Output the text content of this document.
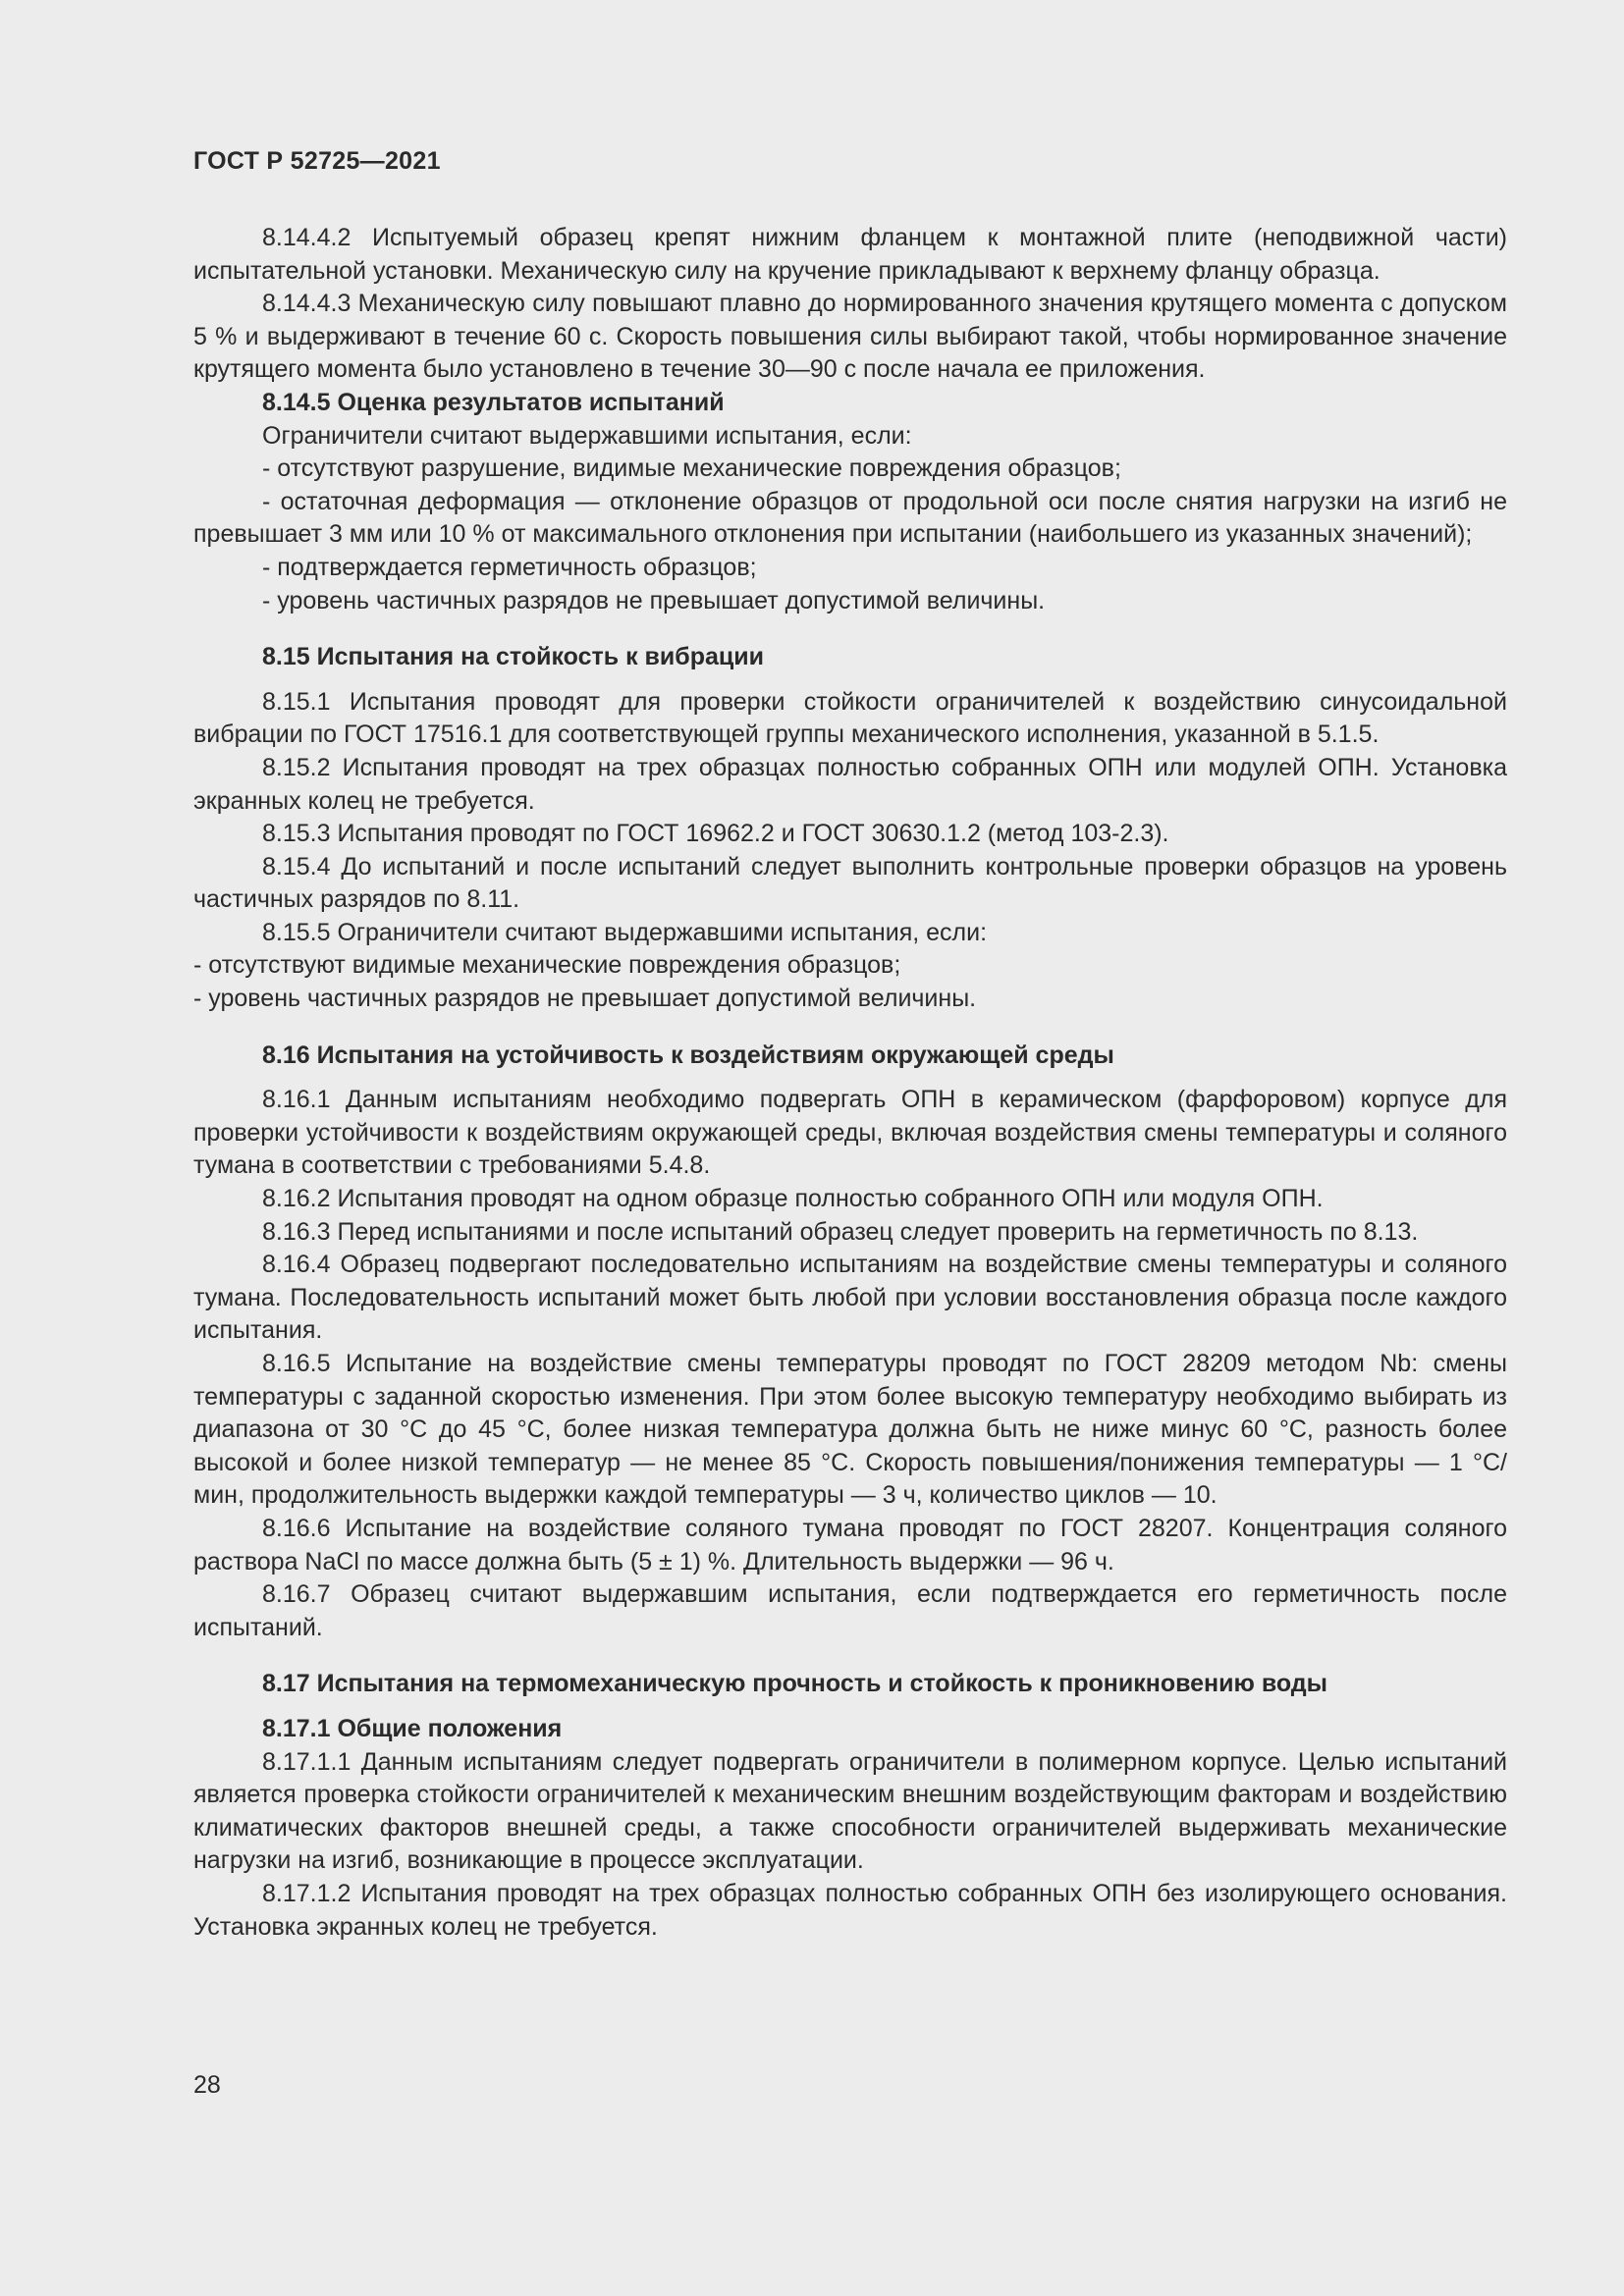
ГОСТ Р 52725—2021

8.14.4.2 Испытуемый образец крепят нижним фланцем к монтажной плите (неподвижной части) испытательной установки. Механическую силу на кручение прикладывают к верхнему фланцу образца.

8.14.4.3 Механическую силу повышают плавно до нормированного значения крутящего момента с допуском 5 % и выдерживают в течение 60 с. Скорость повышения силы выбирают такой, чтобы нормированное значение крутящего момента было установлено в течение 30—90 с после начала ее приложения.

8.14.5 Оценка результатов испытаний

Ограничители считают выдержавшими испытания, если:

- отсутствуют разрушение, видимые механические повреждения образцов;

- остаточная деформация — отклонение образцов от продольной оси после снятия нагрузки на изгиб не превышает 3 мм или 10 % от максимального отклонения при испытании (наибольшего из указанных значений);

- подтверждается герметичность образцов;

- уровень частичных разрядов не превышает допустимой величины.

8.15 Испытания на стойкость к вибрации

8.15.1 Испытания проводят для проверки стойкости ограничителей к воздействию синусоидальной вибрации по ГОСТ 17516.1 для соответствующей группы механического исполнения, указанной в 5.1.5.

8.15.2 Испытания проводят на трех образцах полностью собранных ОПН или модулей ОПН. Установка экранных колец не требуется.

8.15.3 Испытания проводят по ГОСТ 16962.2 и ГОСТ 30630.1.2 (метод 103-2.3).

8.15.4 До испытаний и после испытаний следует выполнить контрольные проверки образцов на уровень частичных разрядов по 8.11.

8.15.5 Ограничители считают выдержавшими испытания, если:

- отсутствуют видимые механические повреждения образцов;

- уровень частичных разрядов не превышает допустимой величины.

8.16 Испытания на устойчивость к воздействиям окружающей среды

8.16.1 Данным испытаниям необходимо подвергать ОПН в керамическом (фарфоровом) корпусе для проверки устойчивости к воздействиям окружающей среды, включая воздействия смены температуры и соляного тумана в соответствии с требованиями 5.4.8.

8.16.2 Испытания проводят на одном образце полностью собранного ОПН или модуля ОПН.

8.16.3 Перед испытаниями и после испытаний образец следует проверить на герметичность по 8.13.

8.16.4 Образец подвергают последовательно испытаниям на воздействие смены температуры и соляного тумана. Последовательность испытаний может быть любой при условии восстановления образца после каждого испытания.

8.16.5 Испытание на воздействие смены температуры проводят по ГОСТ 28209 методом Nb: смены температуры с заданной скоростью изменения. При этом более высокую температуру необходимо выбирать из диапазона от 30 °С до 45 °С, более низкая температура должна быть не ниже минус 60 °С, разность более высокой и более низкой температур — не менее 85 °С. Скорость повышения/понижения температуры — 1 °С/мин, продолжительность выдержки каждой температуры — 3 ч, количество циклов — 10.

8.16.6 Испытание на воздействие соляного тумана проводят по ГОСТ 28207. Концентрация соляного раствора NaCl по массе должна быть (5 ± 1) %. Длительность выдержки — 96 ч.

8.16.7 Образец считают выдержавшим испытания, если подтверждается его герметичность после испытаний.

8.17 Испытания на термомеханическую прочность и стойкость к проникновению воды

8.17.1 Общие положения

8.17.1.1 Данным испытаниям следует подвергать ограничители в полимерном корпусе. Целью испытаний является проверка стойкости ограничителей к механическим внешним воздействующим факторам и воздействию климатических факторов внешней среды, а также способности ограничителей выдерживать механические нагрузки на изгиб, возникающие в процессе эксплуатации.

8.17.1.2 Испытания проводят на трех образцах полностью собранных ОПН без изолирующего основания. Установка экранных колец не требуется.

28
